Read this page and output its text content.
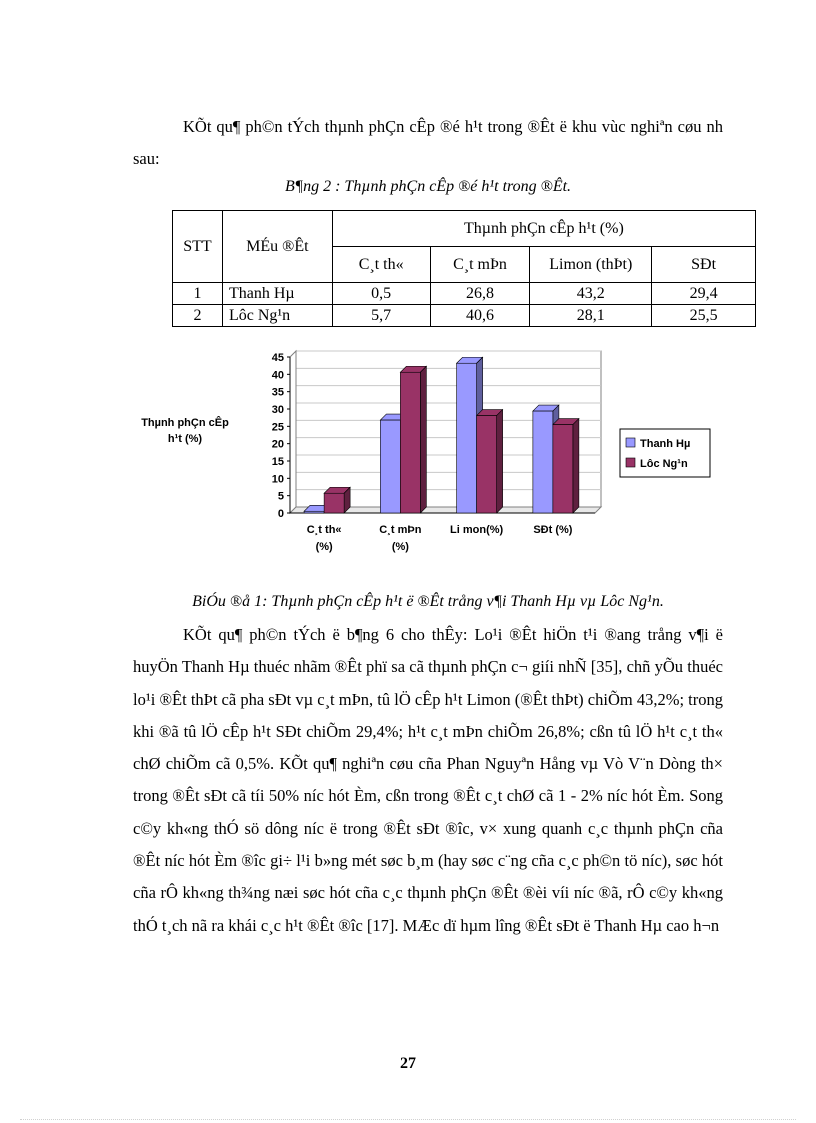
KÕt qu¶ ph©n tÝch thµnh phÇn cÊp ®é h¹t trong ®Êt ë khu vùc nghiªn cøu nh sau:

B¶ng 2 : Thµnh phÇn cÊp ®é h¹t trong ®Êt.

STT	MÉu ®Êt	Thµnh phÇn cÊp h¹t (%)			
		C¸t th«	C¸t mÞn	Limon (thÞt)	SÐt
1	Thanh Hµ	0,5	26,8	43,2	29,4
2	Lôc Ng¹n	5,7	40,6	28,1	25,5
0
5
10
15
20
25
30
35
40
45
Thµnh phÇn cÊp
h¹t (%)
C¸t th«
(%)
C¸t mÞn
(%)
Li mon(%)	SÐt (%)
Thanh Hµ
Lôc Ng¹n

BiÓu ®å 1: Thµnh phÇn cÊp h¹t ë ®Êt trång v¶i Thanh Hµ vµ Lôc Ng¹n.

KÕt qu¶ ph©n tÝch ë b¶ng 6 cho thÊy: Lo¹i ®Êt hiÖn t¹i ®ang trång v¶i ë huyÖn Thanh Hµ thuéc nhãm ®Êt phï sa cã thµnh phÇn c¬ giíi nhÑ [35], chñ yÕu thuéc lo¹i ®Êt thÞt cã pha sÐt vµ c¸t mÞn, tû lÖ cÊp h¹t Limon (®Êt thÞt) chiÕm 43,2%; trong khi ®ã tû lÖ cÊp h¹t SÐt chiÕm 29,4%; h¹t c¸t mÞn chiÕm 26,8%; cßn tû lÖ h¹t c¸t th« chØ chiÕm cã 0,5%. KÕt qu¶ nghiªn cøu cña Phan Nguyªn Hång vµ Vò V¨n Dòng th× trong ®Êt sÐt cã tíi 50% níc hót Èm, cßn trong ®Êt c¸t chØ cã 1 - 2% níc hót Èm. Song c©y kh«ng thÓ sö dông níc ë trong ®Êt sÐt ®îc, v× xung quanh c¸c thµnh phÇn cña ®Êt níc hót Èm ®îc gi÷ l¹i b»ng mét søc b¸m (hay søc c¨ng cña c¸c ph©n tö níc), søc hót cña rÔ kh«ng th¾ng næi søc hót cña c¸c thµnh phÇn ®Êt ®èi víi níc ®ã, rÔ c©y kh«ng thÓ t¸ch nã ra khái c¸c h¹t ®Êt ®îc [17]. MÆc dï hµm lîng ®Êt sÐt ë Thanh Hµ cao h¬n

27
